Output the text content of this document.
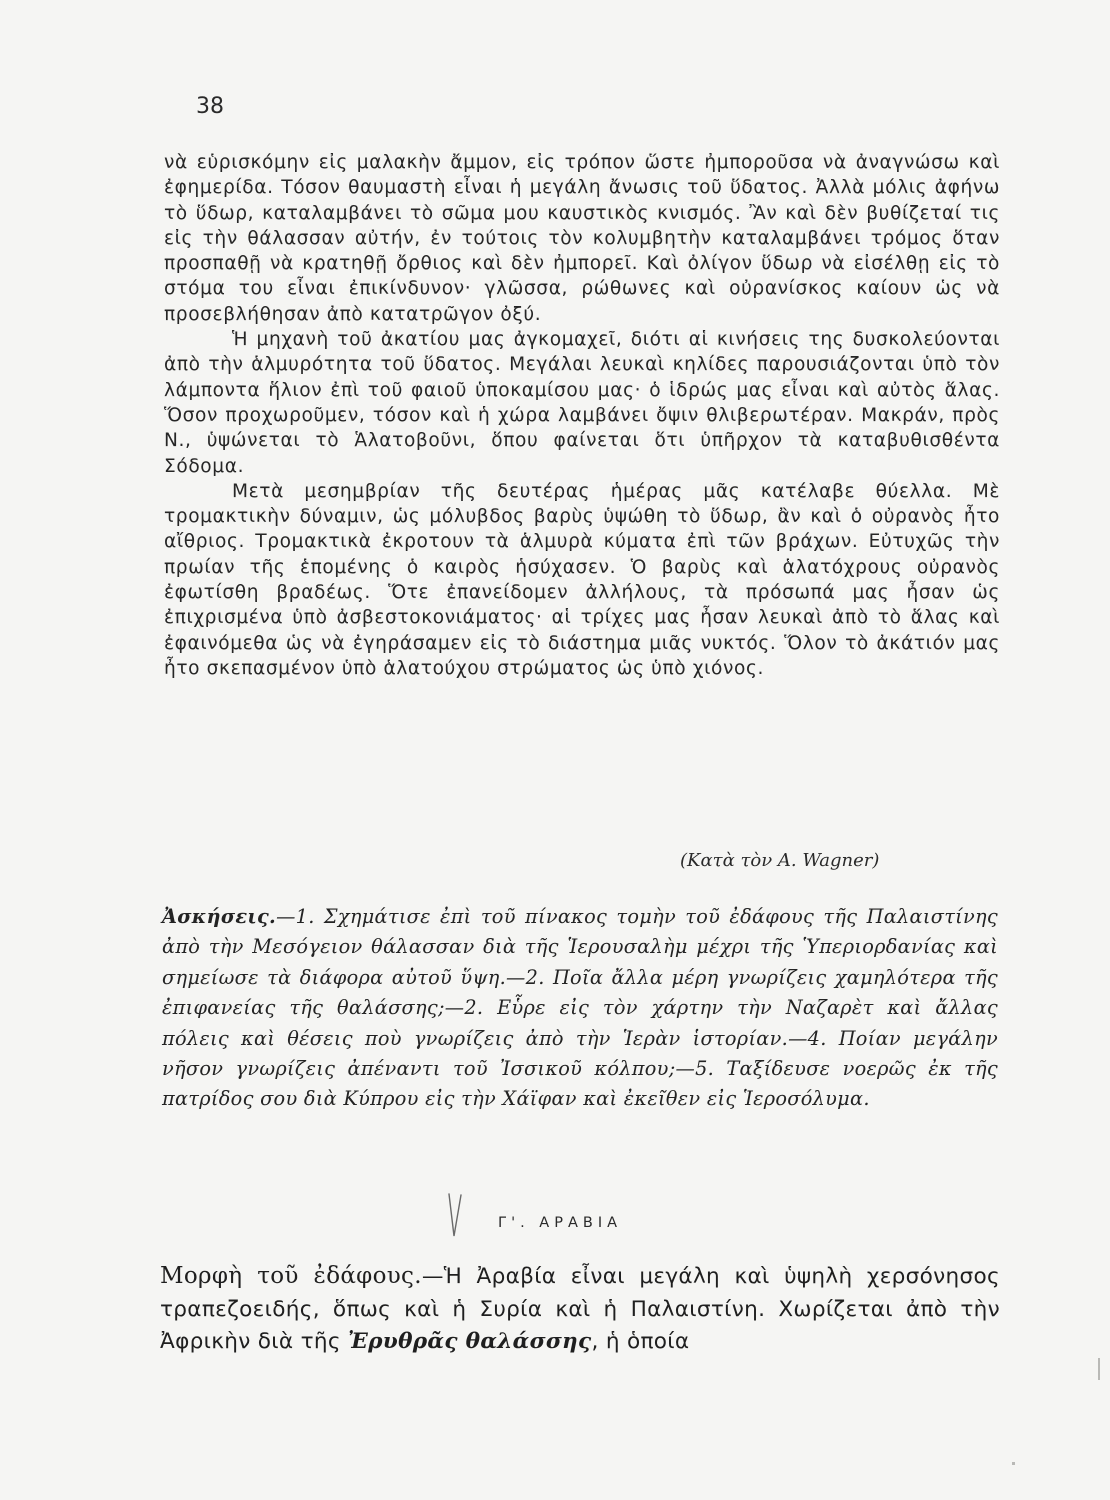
38

νὰ εὑρισκόμην εἰς μαλακὴν ἄμμον, εἰς τρόπον ὥστε ἠμποροῦσα νὰ ἀναγνώσω καὶ ἐφημερίδα. Τόσον θαυμαστὴ εἶναι ἡ μεγάλη ἄνωσις τοῦ ὕδατος. Ἀλλὰ μόλις ἀφήνω τὸ ὕδωρ, καταλαμβάνει τὸ σῶμα μου καυστικὸς κνισμός. Ἂν καὶ δὲν βυθίζεταί τις εἰς τὴν θάλασσαν αὐτήν, ἐν τούτοις τὸν κολυμβητὴν καταλαμβάνει τρόμος ὅταν προσπαθῇ νὰ κρατηθῇ ὄρθιος καὶ δὲν ἠμπορεῖ. Καὶ ὀλίγον ὕδωρ νὰ εἰσέλθῃ εἰς τὸ στόμα του εἶναι ἐπικίνδυνον· γλῶσσα, ρώθωνες καὶ οὐρανίσκος καίουν ὡς νὰ προσεβλήθησαν ἀπὸ κατατρῶγον ὀξύ.

Ἡ μηχανὴ τοῦ ἀκατίου μας ἀγκομαχεῖ, διότι αἱ κινήσεις της δυσκολεύονται ἀπὸ τὴν ἁλμυρότητα τοῦ ὕδατος. Μεγάλαι λευκαὶ κηλίδες παρουσιάζονται ὑπὸ τὸν λάμποντα ἥλιον ἐπὶ τοῦ φαιοῦ ὑποκαμίσου μας· ὁ ἱδρώς μας εἶναι καὶ αὐτὸς ἅλας. Ὅσον προχωροῦμεν, τόσον καὶ ἡ χώρα λαμβάνει ὄψιν θλιβερωτέραν. Μακράν, πρὸς Ν., ὑψώνεται τὸ Ἁλατοβοῦνι, ὅπου φαίνεται ὅτι ὑπῆρχον τὰ καταβυθισθέντα Σόδομα.

Μετὰ μεσημβρίαν τῆς δευτέρας ἡμέρας μᾶς κατέλαβε θύελλα. Μὲ τρομακτικὴν δύναμιν, ὡς μόλυβδος βαρὺς ὑψώθη τὸ ὕδωρ, ἂν καὶ ὁ οὐρανὸς ἦτο αἴθριος. Τρομακτικὰ ἐκροτουν τὰ ἁλμυρὰ κύματα ἐπὶ τῶν βράχων. Εὐτυχῶς τὴν πρωίαν τῆς ἑπομένης ὁ καιρὸς ἡσύχασεν. Ὁ βαρὺς καὶ ἁλατόχρους οὐρανὸς ἐφωτίσθη βραδέως. Ὅτε ἐπανείδομεν ἀλλήλους, τὰ πρόσωπά μας ἦσαν ὡς ἐπιχρισμένα ὑπὸ ἀσβεστοκονιάματος· αἱ τρίχες μας ἦσαν λευκαὶ ἀπὸ τὸ ἅλας καὶ ἐφαινόμεθα ὡς νὰ ἐγηράσαμεν εἰς τὸ διάστημα μιᾶς νυκτός. Ὅλον τὸ ἀκάτιόν μας ἦτο σκεπασμένον ὑπὸ ἁλατούχου στρώματος ὡς ὑπὸ χιόνος.

(Κατὰ τὸν Α. Wagner)
Ἀσκήσεις.—1. Σχημάτισε ἐπὶ τοῦ πίνακος τομὴν τοῦ ἐδάφους τῆς Παλαιστίνης ἀπὸ τὴν Μεσόγειον θάλασσαν διὰ τῆς Ἱερουσαλὴμ μέχρι τῆς Ὑπεριορδανίας καὶ σημείωσε τὰ διάφορα αὐτοῦ ὕψη.—2. Ποῖα ἄλλα μέρη γνωρίζεις χαμηλότερα τῆς ἐπιφανείας τῆς θαλάσσης;—2. Εὗρε εἰς τὸν χάρτην τὴν Ναζαρὲτ καὶ ἄλλας πόλεις καὶ θέσεις ποὺ γνωρίζεις ἀπὸ τὴν Ἱερὰν ἱστορίαν.—4. Ποίαν μεγάλην νῆσον γνωρίζεις ἀπέναντι τοῦ Ἰσσικοῦ κόλπου;—5. Ταξίδευσε νοερῶς ἐκ τῆς πατρίδος σου διὰ Κύπρου εἰς τὴν Χάϊφαν καὶ ἐκεῖθεν εἰς Ἱεροσόλυμα.
Γ'. ΑΡΑΒΙΑ
Μορφὴ τοῦ ἐδάφους.—Ἡ Ἀραβία εἶναι μεγάλη καὶ ὑψηλὴ χερσόνησος τραπεζοειδής, ὅπως καὶ ἡ Συρία καὶ ἡ Παλαιστίνη. Χωρίζεται ἀπὸ τὴν Ἀφρικὴν διὰ τῆς Ἐρυθρᾶς θαλάσσης, ἡ ὁποία
